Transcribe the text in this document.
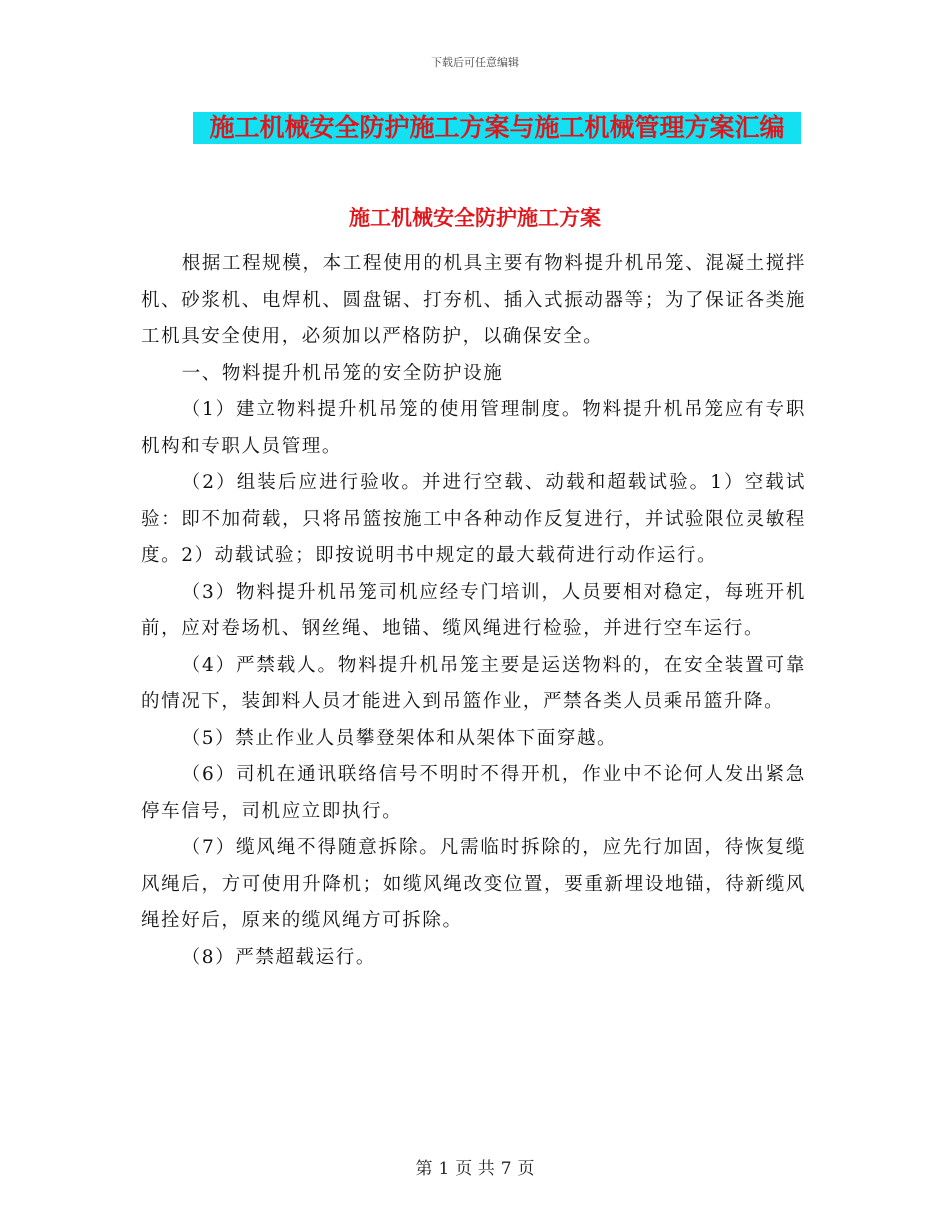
下载后可任意编辑
施工机械安全防护施工方案与施工机械管理方案汇编
施工机械安全防护施工方案

根据工程规模，本工程使用的机具主要有物料提升机吊笼、混凝土搅拌机、砂浆机、电焊机、圆盘锯、打夯机、插入式振动器等；为了保证各类施工机具安全使用，必须加以严格防护，以确保安全。

一、物料提升机吊笼的安全防护设施

（1）建立物料提升机吊笼的使用管理制度。物料提升机吊笼应有专职机构和专职人员管理。

（2）组装后应进行验收。并进行空载、动载和超载试验。1）空载试验：即不加荷载，只将吊篮按施工中各种动作反复进行，并试验限位灵敏程度。2）动载试验；即按说明书中规定的最大载荷进行动作运行。

（3）物料提升机吊笼司机应经专门培训，人员要相对稳定，每班开机前，应对卷场机、钢丝绳、地锚、缆风绳进行检验，并进行空车运行。

（4）严禁载人。物料提升机吊笼主要是运送物料的，在安全装置可靠的情况下，装卸料人员才能进入到吊篮作业，严禁各类人员乘吊篮升降。

（5）禁止作业人员攀登架体和从架体下面穿越。

（6）司机在通讯联络信号不明时不得开机，作业中不论何人发出紧急停车信号，司机应立即执行。

（7）缆风绳不得随意拆除。凡需临时拆除的，应先行加固，待恢复缆风绳后，方可使用升降机；如缆风绳改变位置，要重新埋设地锚，待新缆风绳拴好后，原来的缆风绳方可拆除。

（8）严禁超载运行。

第 1 页 共 7 页
